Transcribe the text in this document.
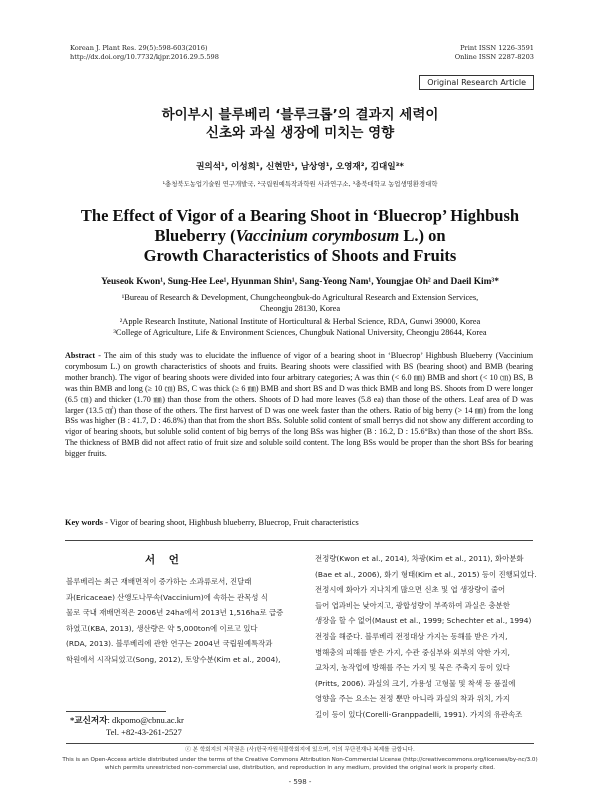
Korean J. Plant Res. 29(5):598-603(2016)
http://dx.doi.org/10.7732/kjpr.2016.29.5.598
Print ISSN 1226-3591
Online ISSN 2287-8203
Original Research Article
하이부시 블루베리 ‘블루크롭’의 결과지 세력이
신초와 과실 생장에 미치는 영향
권의석¹, 이성희¹, 신현만¹, 남상영¹, 오영재², 김대일³*
¹충청북도농업기술원 연구개발국, ²국립원예특작과학원 사과연구소, ³충북대학교 농업생명환경대학
The Effect of Vigor of a Bearing Shoot in ‘Bluecrop’ Highbush
Blueberry (Vaccinium corymbosum L.) on
Growth Characteristics of Shoots and Fruits
Yeuseok Kwon¹, Sung-Hee Lee¹, Hyunman Shin¹, Sang-Yeong Nam¹, Youngjae Oh² and Daeil Kim³*
¹Bureau of Research & Development, Chungcheongbuk-do Agricultural Research and Extension Services,
Cheongju 28130, Korea
²Apple Research Institute, National Institute of Horticultural & Herbal Science, RDA, Gunwi 39000, Korea
³College of Agriculture, Life & Environment Sciences, Chungbuk National University, Cheongju 28644, Korea
Abstract - The aim of this study was to elucidate the influence of vigor of a bearing shoot in ‘Bluecrop’ Highbush Blueberry (Vaccinium corymbosum L.) on growth characteristics of shoots and fruits. Bearing shoots were classified with BS (bearing shoot) and BMB (bearing mother branch). The vigor of bearing shoots were divided into four arbitrary categories; A was thin (< 6.0 ㎜) BMB and short (< 10 ㎝) BS, B was thin BMB and long (≥ 10 ㎝) BS, C was thick (≥ 6 ㎜) BMB and short BS and D was thick BMB and long BS. Shoots from D were longer (6.5 ㎝) and thicker (1.70 ㎜) than those from the others. Shoots of D had more leaves (5.8 ea) than those of the others. Leaf area of D was larger (13.5 ㎠) than those of the others. The first harvest of D was one week faster than the others. Ratio of big berry (> 14 ㎜) from the long BSs was higher (B : 41.7, D : 46.8%) than that from the short BSs. Soluble solid content of small berrys did not show any different according to vigor of bearing shoots, but soluble solid content of big berrys of the long BSs was higher (B : 16.2, D : 15.6°Bx) than those of the short BSs. The thickness of BMB did not affect ratio of fruit size and soluble soild content. The long BSs would be proper than the short BSs for bearing bigger fruits.
Key words - Vigor of bearing shoot, Highbush blueberry, Bluecrop, Fruit characteristics
서 언
블루베리는 최근 재배면적이 증가하는 소과류로서, 진달래
과(Ericaceae) 산앵도나무속(Vaccinium)에 속하는 관목성 식
물로 국내 재배면적은 2006년 24ha에서 2013년 1,516ha로 급증
하였고(KBA, 2013), 생산량은 약 5,000ton에 이르고 있다
(RDA, 2013). 블루베리에 관한 연구는 2004년 국립원예특작과
학원에서 시작되었고(Song, 2012), 토양수분(Kim et al., 2004),
전정량(Kwon et al., 2014), 차광(Kim et al., 2011), 화아분화
(Bae et al., 2006), 화기 형태(Kim et al., 2015) 등이 진행되었다.
전정시에 화아가 지나치게 많으면 신초 및 엽 생장량이 줄어
들어 엽과비는 낮아지고, 광합성량이 부족하여 과실은 충분한
생장을 할 수 없어(Maust et al., 1999; Schechter et al., 1994)
전정을 해준다. 블루베리 전정대상 가지는 동해를 받은 가지,
병해충의 피해를 받은 가지, 수관 중심부와 외부의 약한 가지,
교차지, 농작업에 방해를 주는 가지 및 묵은 주축지 등이 있다
(Pritts, 2006). 과실의 크기, 가용성 고형물 및 착색 등 품질에
영향을 주는 요소는 전정 뿐만 아니라 과실의 착과 위치, 가지
길이 등이 있다(Corelli-Granppadelli, 1991). 가지의 유관속조
*교신저자: dkpomo@cbnu.ac.kr
Tel. +82-43-261-2527
ⓒ 본 학회지의 저작권은 (사)한국자원식물학회지에 있으며, 이의 무단전재나 복제를 금합니다.
This is an Open-Access article distributed under the terms of the Creative Commons Attribution Non-Commercial License (http://creativecommons.org/licenses/by-nc/3.0)
which permits unrestricted non-commercial use, distribution, and reproduction in any medium, provided the original work is properly cited.
- 598 -
